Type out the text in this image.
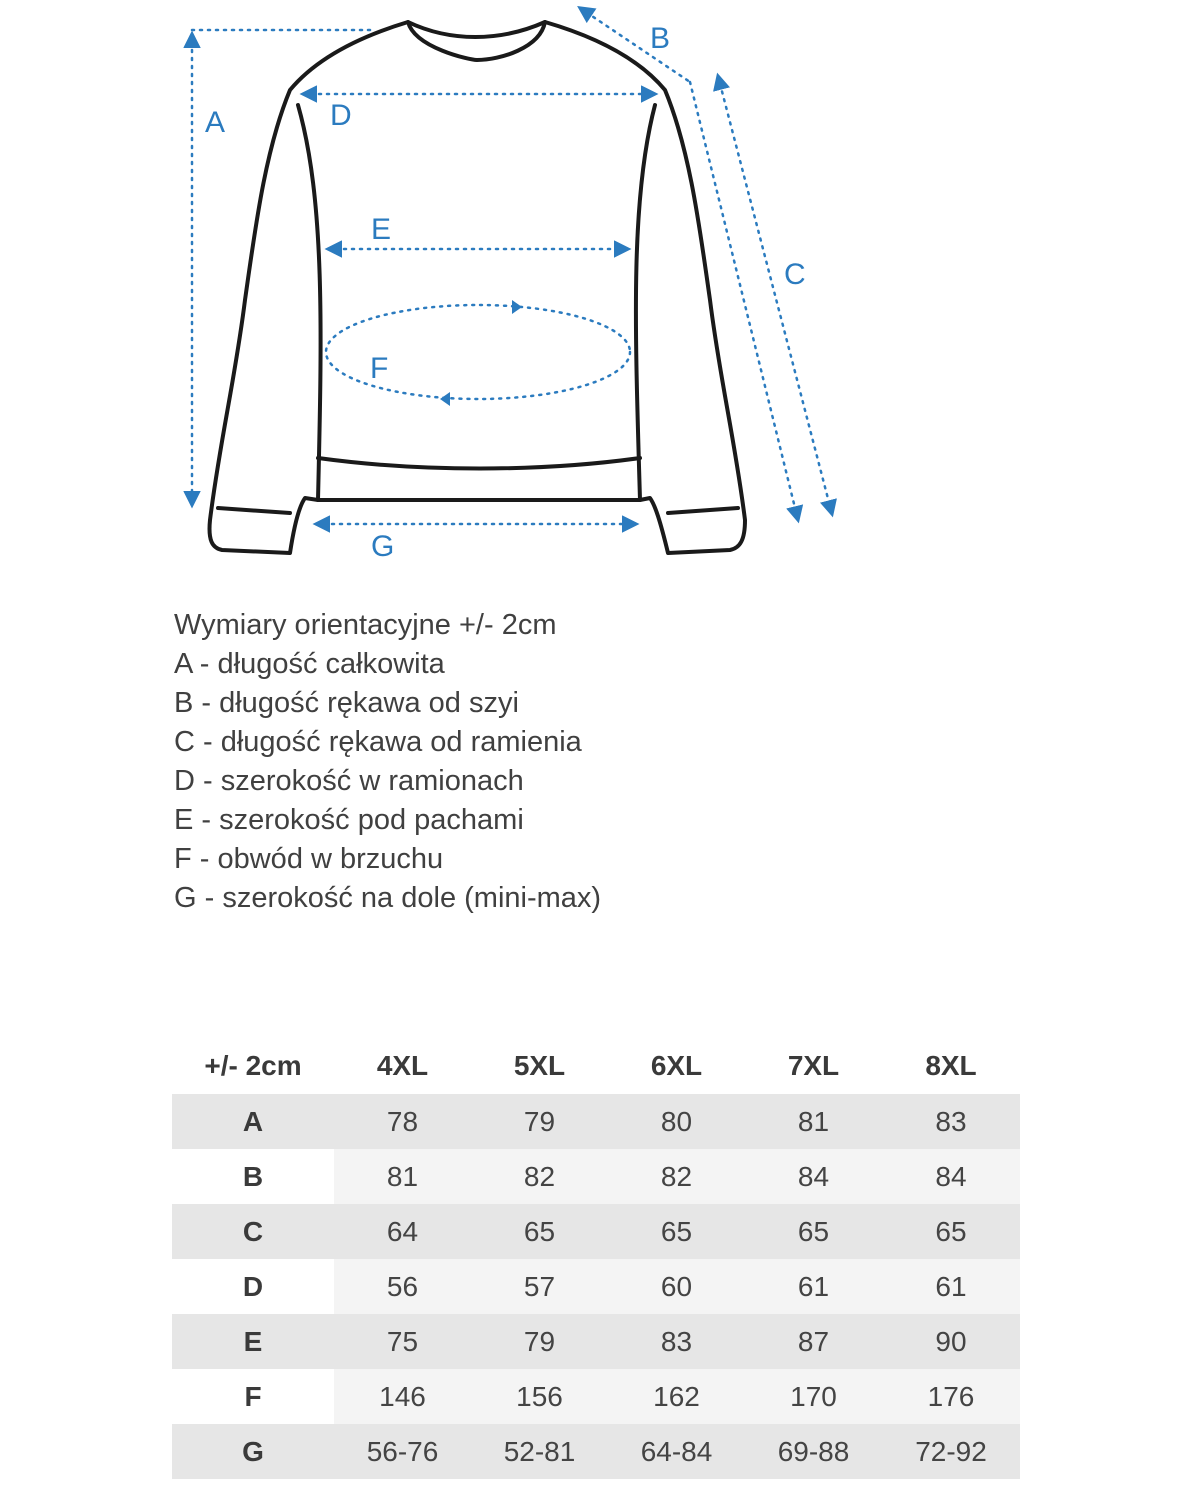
A
B
C
D
E
F
G
Wymiary orientacyjne +/- 2cm
A - długość całkowita
B - długość rękawa od szyi
C - długość rękawa od ramienia
D - szerokość w ramionach
E - szerokość pod pachami
F - obwód w brzuchu
G - szerokość na dole (mini-max)
+/- 2cm	4XL	5XL	6XL	7XL	8XL
A	78	79	80	81	83
B	81	82	82	84	84
C	64	65	65	65	65
D	56	57	60	61	61
E	75	79	83	87	90
F	146	156	162	170	176
G	56-76	52-81	64-84	69-88	72-92
